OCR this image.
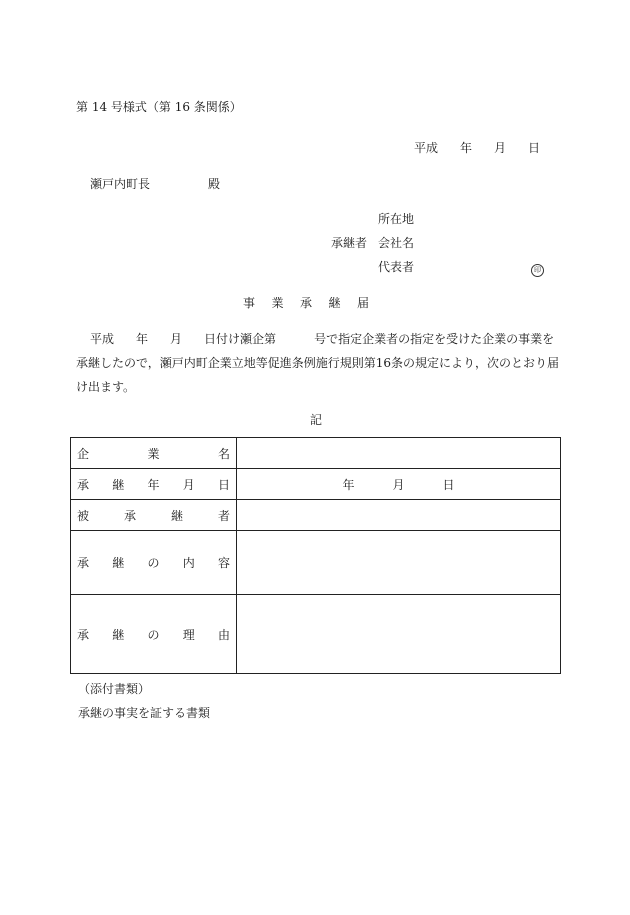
第 14 号様式（第 16 条関係）
平成 年 月 日
瀬戸内町長	殿
所在地
承継者 会社名
代表者	印
事 業 承 継 届
平成 年 月 日付け瀬企第	号で指定企業者の指定を受けた企業の事業を
承継したので，瀬戸内町企業立地等促進条例施行規則第16条の規定により，次のとおり届
け出ます。
記
企 業 名	

承 継 年 月 日	年 月 日

被 承 継 者	

承 継 の 内 容	

承 継 の 理 由	

（添付書類）
承継の事実を証する書類
